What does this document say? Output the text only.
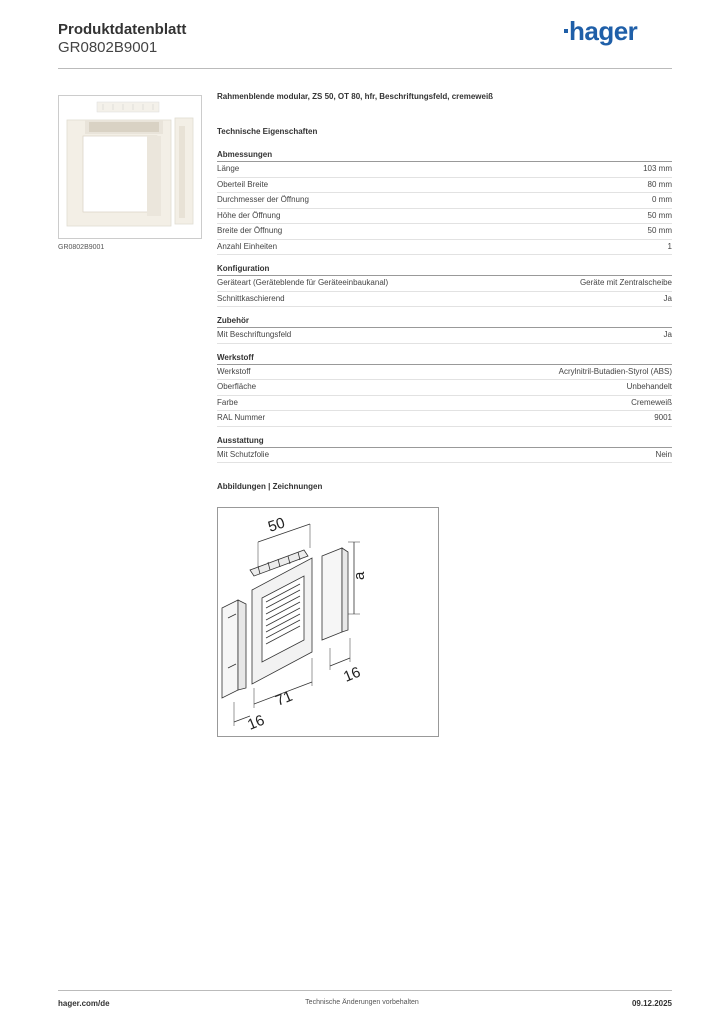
Produktdatenblatt
GR0802B9001
hager
GR0802B9001
Rahmenblende modular, ZS 50, OT 80, hfr, Beschriftungsfeld, cremeweiß
Technische Eigenschaften
Abmessungen
Länge	103 mm
Oberteil Breite	80 mm
Durchmesser der Öffnung	0 mm
Höhe der Öffnung	50 mm
Breite der Öffnung	50 mm
Anzahl Einheiten	1
Konfiguration
Geräteart (Geräteblende für Geräteeinbaukanal)	Geräte mit Zentralscheibe
Schnittkaschierend	Ja
Zubehör
Mit Beschriftungsfeld	Ja
Werkstoff
Werkstoff	Acrylnitril-Butadien-Styrol (ABS)
Oberfläche	Unbehandelt
Farbe	Cremeweiß
RAL Nummer	9001
Ausstattung
Mit Schutzfolie	Nein
Abbildungen | Zeichnungen
50
a
16
71
16
hager.com/de	Technische Änderungen vorbehalten	09.12.2025
